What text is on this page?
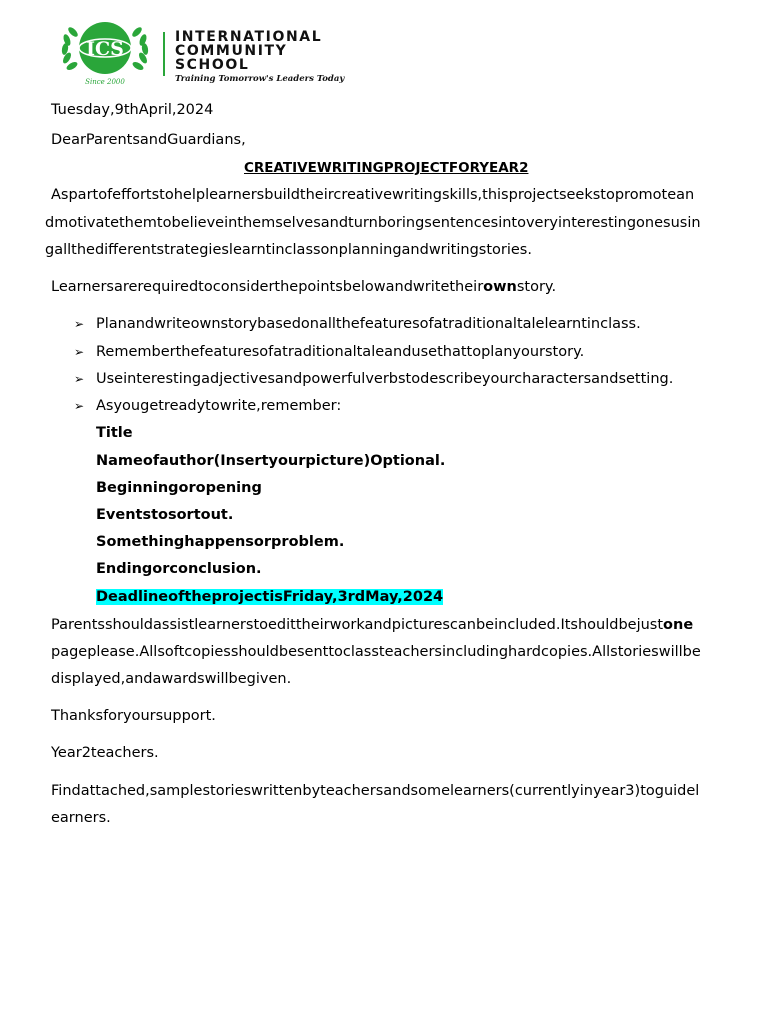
ICS
Since 2000
INTERNATIONAL
COMMUNITY
SCHOOL
Training Tomorrow's Leaders Today
Tuesday,9thApril,2024
DearParentsandGuardians,
CREATIVEWRITINGPROJECTFORYEAR2
Aspartofeffortstohelplearnersbuildtheircreativewritingskills,thisprojectseekstopromotean
dmotivatethemtobelieveinthemselvesandturnboringsentencesintoveryinterestingonesusin
gallthedifferentstrategieslearntinclassonplanningandwritingstories.
Learnersarerequiredtoconsiderthepointsbelowandwritetheirownstory.
➢ Planandwriteownstorybasedonallthefeaturesofatraditionaltalelearntinclass.
➢ Rememberthefeaturesofatraditionaltaleandusethattoplanyourstory.
➢ Useinterestingadjectivesandpowerfulverbstodescribeyourcharactersandsetting.
➢ Asyougetreadytowrite,remember:
Title
Nameofauthor(Insertyourpicture)Optional.
Beginningoropening
Eventstosortout.
Somethinghappensorproblem.
Endingorconclusion.
DeadlineoftheprojectisFriday,3rdMay,2024
Parentsshouldassistlearnerstoedittheirworkandpicturescanbeincluded.Itshouldbejustone
pageplease.Allsoftcopiesshouldbesenttoclassteachersincludinghardcopies.Allstorieswillbe
displayed,andawardswillbegiven.
Thanksforyoursupport.
Year2teachers.
Findattached,samplestorieswrittenbyteachersandsomelearners(currentlyinyear3)toguidel
earners.
